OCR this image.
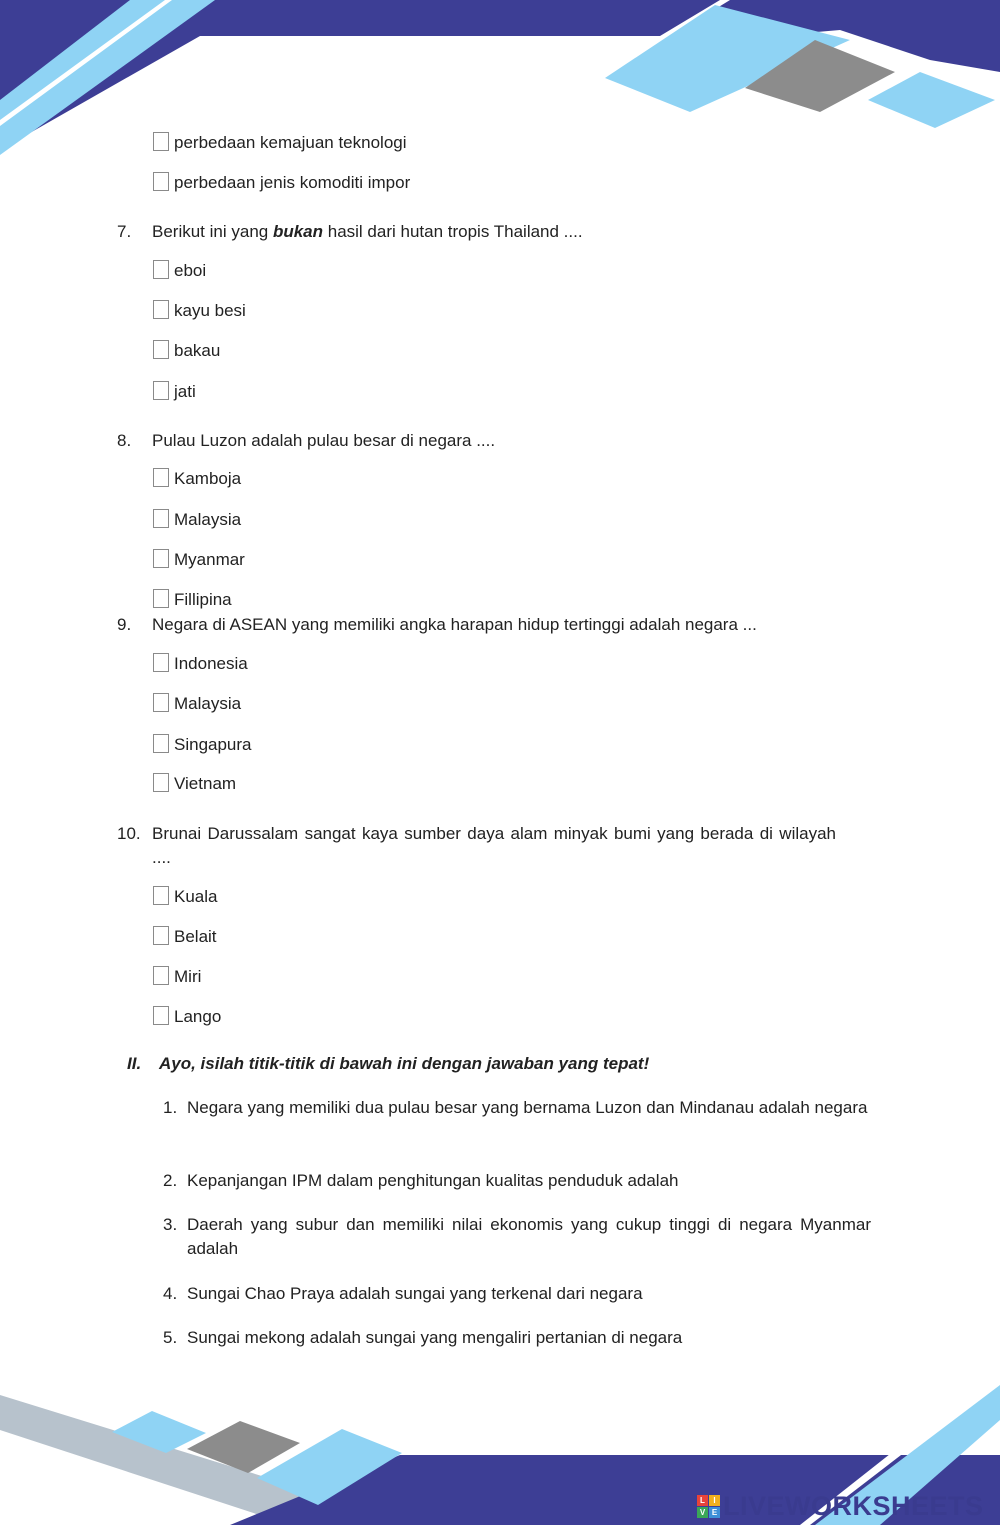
perbedaan kemajuan teknologi
perbedaan jenis komoditi impor
7. Berikut ini yang bukan hasil dari hutan tropis Thailand ....
eboi
kayu besi
bakau
jati
8. Pulau Luzon adalah pulau besar di negara ....
Kamboja
Malaysia
Myanmar
Fillipina
9. Negara di ASEAN yang memiliki angka harapan hidup tertinggi adalah negara ...
Indonesia
Malaysia
Singapura
Vietnam
10. Brunai Darussalam sangat kaya sumber daya alam minyak bumi yang berada di wilayah ....
Kuala
Belait
Miri
Lango
II. Ayo, isilah titik-titik di bawah ini dengan jawaban yang tepat!
1. Negara yang memiliki dua pulau besar yang bernama Luzon dan Mindanau adalah negara
2. Kepanjangan IPM dalam penghitungan kualitas penduduk adalah
3. Daerah yang subur dan memiliki nilai ekonomis yang cukup tinggi di negara Myanmar adalah
4. Sungai Chao Praya adalah sungai yang terkenal dari negara
5. Sungai mekong adalah sungai yang mengaliri pertanian di negara
L	I
V E LIVEWORKSHEETS
